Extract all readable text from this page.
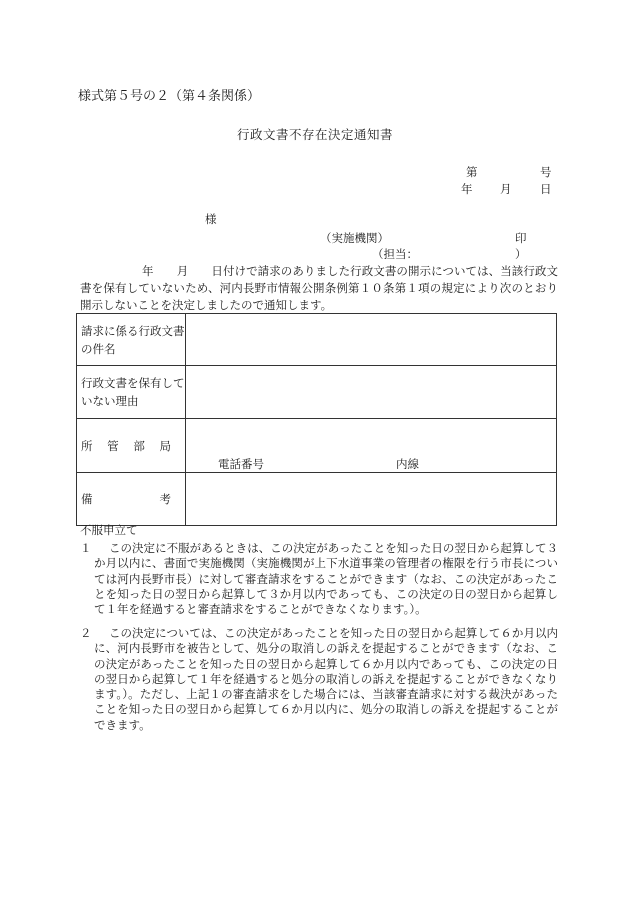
様式第５号の２（第４条関係）
行政文書不存在決定通知書
第	号
年 月 日
様
（実施機関）	印
（担当：	）
年　　月　　日付けで請求のありました行政文書の開示については、当該行政文書を保有していないため、河内長野市情報公開条例第１０条第１項の規定により次のとおり開示しないことを決定しましたので通知します。
請求に係る行政文書の件名	
行政文書を保有していない理由	

所 管 部 局	電話番号 内線

備 考	

不服申立て
１	この決定に不服があるときは、この決定があったことを知った日の翌日から起算して３か月以内に、書面で実施機関（実施機関が上下水道事業の管理者の権限を行う市長については河内長野市長）に対して審査請求をすることができます（なお、この決定があったことを知った日の翌日から起算して３か月以内であっても、この決定の日の翌日から起算して１年を経過すると審査請求をすることができなくなります。）。
２	この決定については、この決定があったことを知った日の翌日から起算して６か月以内に、河内長野市を被告として、処分の取消しの訴えを提起することができます（なお、この決定があったことを知った日の翌日から起算して６か月以内であっても、この決定の日の翌日から起算して１年を経過すると処分の取消しの訴えを提起することができなくなります。）。ただし、上記１の審査請求をした場合には、当該審査請求に対する裁決があったことを知った日の翌日から起算して６か月以内に、処分の取消しの訴えを提起することができます。
